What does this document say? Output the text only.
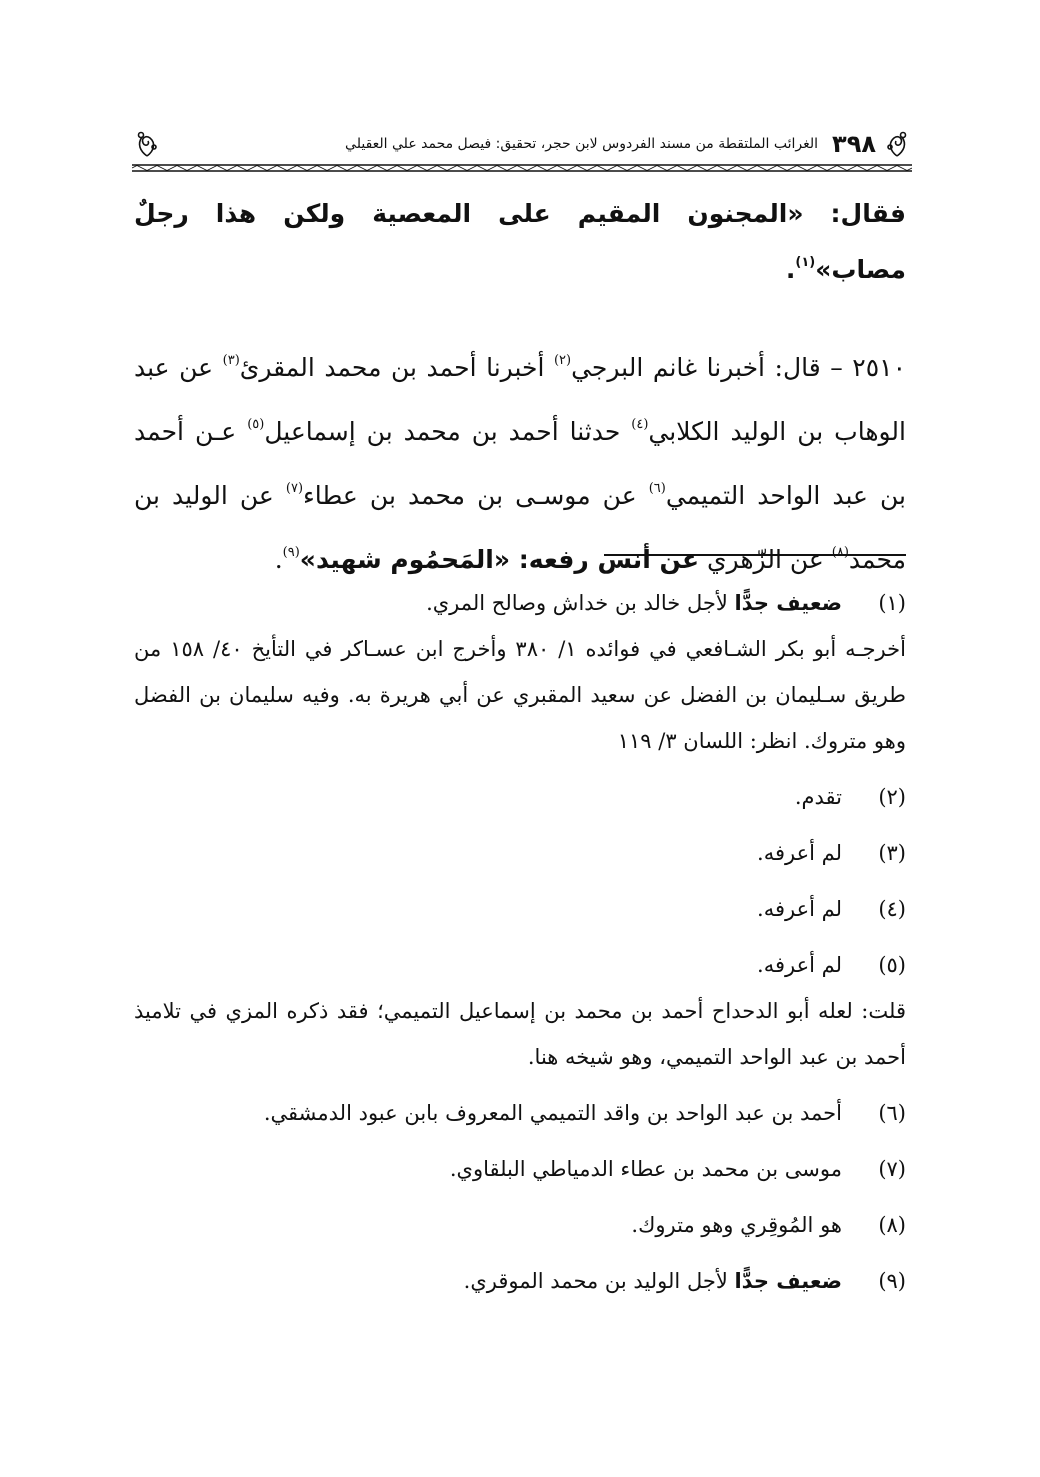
٣٩٨
الغرائب الملتقطة من مسند الفردوس لابن حجر، تحقيق: فيصل محمد علي العقيلي

فقال: «المجنون المقيم على المعصية ولكن هذا رجلٌ مصاب»$^{(١)}$.

٢٥١٠ – قال: أخبرنا غانم البرجي$^{(٢)}$ أخبرنا أحمد بن محمد المقرئ$^{(٣)}$ عن عبد الوهاب بن الوليد الكلابي$^{(٤)}$ حدثنا أحمد بن محمد بن إسماعيل$^{(٥)}$ عـن أحمد بن عبد الواحد التميمي$^{(٦)}$ عن موسـى بن محمد بن عطاء$^{(٧)}$ عن الوليد بن محمد$^{(٨)}$ عن الزّهري عن أنس رفعه: «المَحمُوم شهيد»$^{(٩)}$.

(١)
ضعيف جدًّا لأجل خالد بن خداش وصالح المري.

أخرجـه أبو بكر الشـافعي في فوائده ١/ ٣٨٠ وأخرج ابن عسـاكر في التأيخ ٤٠/ ١٥٨ من طريق سـليمان بن الفضل عن سعيد المقبري عن أبي هريرة به. وفيه سليمان بن الفضل وهو متروك. انظر: اللسان ٣/ ١١٩

(٢)
تقدم.
(٣)
لم أعرفه.
(٤)
لم أعرفه.
(٥)
لم أعرفه.

قلت: لعله أبو الدحداح أحمد بن محمد بن إسماعيل التميمي؛ فقد ذكره المزي في تلاميذ أحمد بن عبد الواحد التميمي، وهو شيخه هنا.

(٦)
أحمد بن عبد الواحد بن واقد التميمي المعروف بابن عبود الدمشقي.
(٧)
موسى بن محمد بن عطاء الدمياطي البلقاوي.
(٨)
هو المُوقِري وهو متروك.
(٩)
ضعيف جدًّا لأجل الوليد بن محمد الموقري.
